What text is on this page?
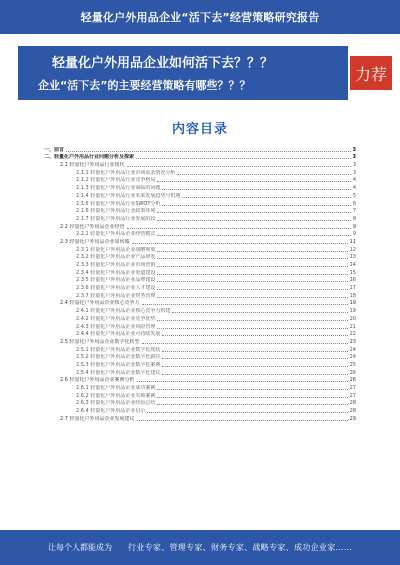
轻量化户外用品企业“活下去”经营策略研究报告
轻量化户外用品企业如何活下去？？？
企业“活下去”的主要经营策略有哪些？？？
力荐
内容目录
一、前言	3
二、轻量化户外用品行业问题分析及探索	3
2.1 轻量化户外用品行业现状	3
2.1.1 轻量化户外用品行业市场需求情况分析	3
2.1.2 轻量化户外用品行业竞争格局	4
2.1.3 轻量化户外用品行业面临的问题	4
2.1.4 轻量化户外用品行业未来发展趋势与机遇	5
2.1.5 轻量化户外用品行业SWOT分析	6
2.1.6 轻量化户外用品行业政策环境	7
2.1.7 轻量化户外用品行业发展阶段	8
2.2 轻量化户外用品企业经营	9
2.2.1 轻量化户外用品企业经营模式	9
2.3 轻量化户外用品企业如何做	11
2.3.1 轻量化户外用品企业战略规划	12
2.3.2 轻量化户外用品企业产品研发	13
2.3.3 轻量化户外用品企业市场营销	14
2.3.4 轻量化户外用品企业渠道建设	15
2.3.5 轻量化户外用品企业品牌建设	16
2.3.6 轻量化户外用品企业人才建设	17
2.3.7 轻量化户外用品企业财务管理	18
2.4 轻量化户外用品企业核心竞争力	19
2.4.1 轻量化户外用品企业核心竞争力构建	19
2.4.2 轻量化户外用品企业竞争优势	20
2.4.3 轻量化户外用品企业风险管理	21
2.4.4 轻量化户外用品企业可持续发展	22
2.5 轻量化户外用品企业数字化转型	23
2.5.1 轻量化户外用品企业数字化现状	24
2.5.2 轻量化户外用品企业数字化路径	24
2.5.3 轻量化户外用品企业数字化案例	25
2.5.4 轻量化户外用品企业数字化建议	26
2.6 轻量化户外用品企业案例分析	26
2.6.1 轻量化户外用品企业成功案例	27
2.6.2 轻量化户外用品企业失败案例	27
2.6.3 轻量化户外用品企业经验总结	28
2.6.4 轻量化户外用品企业启示	28
2.7 轻量化户外用品企业发展建议	29
让每个人都能成为 行业专家、管理专家、财务专家、战略专家、成功企业家……
